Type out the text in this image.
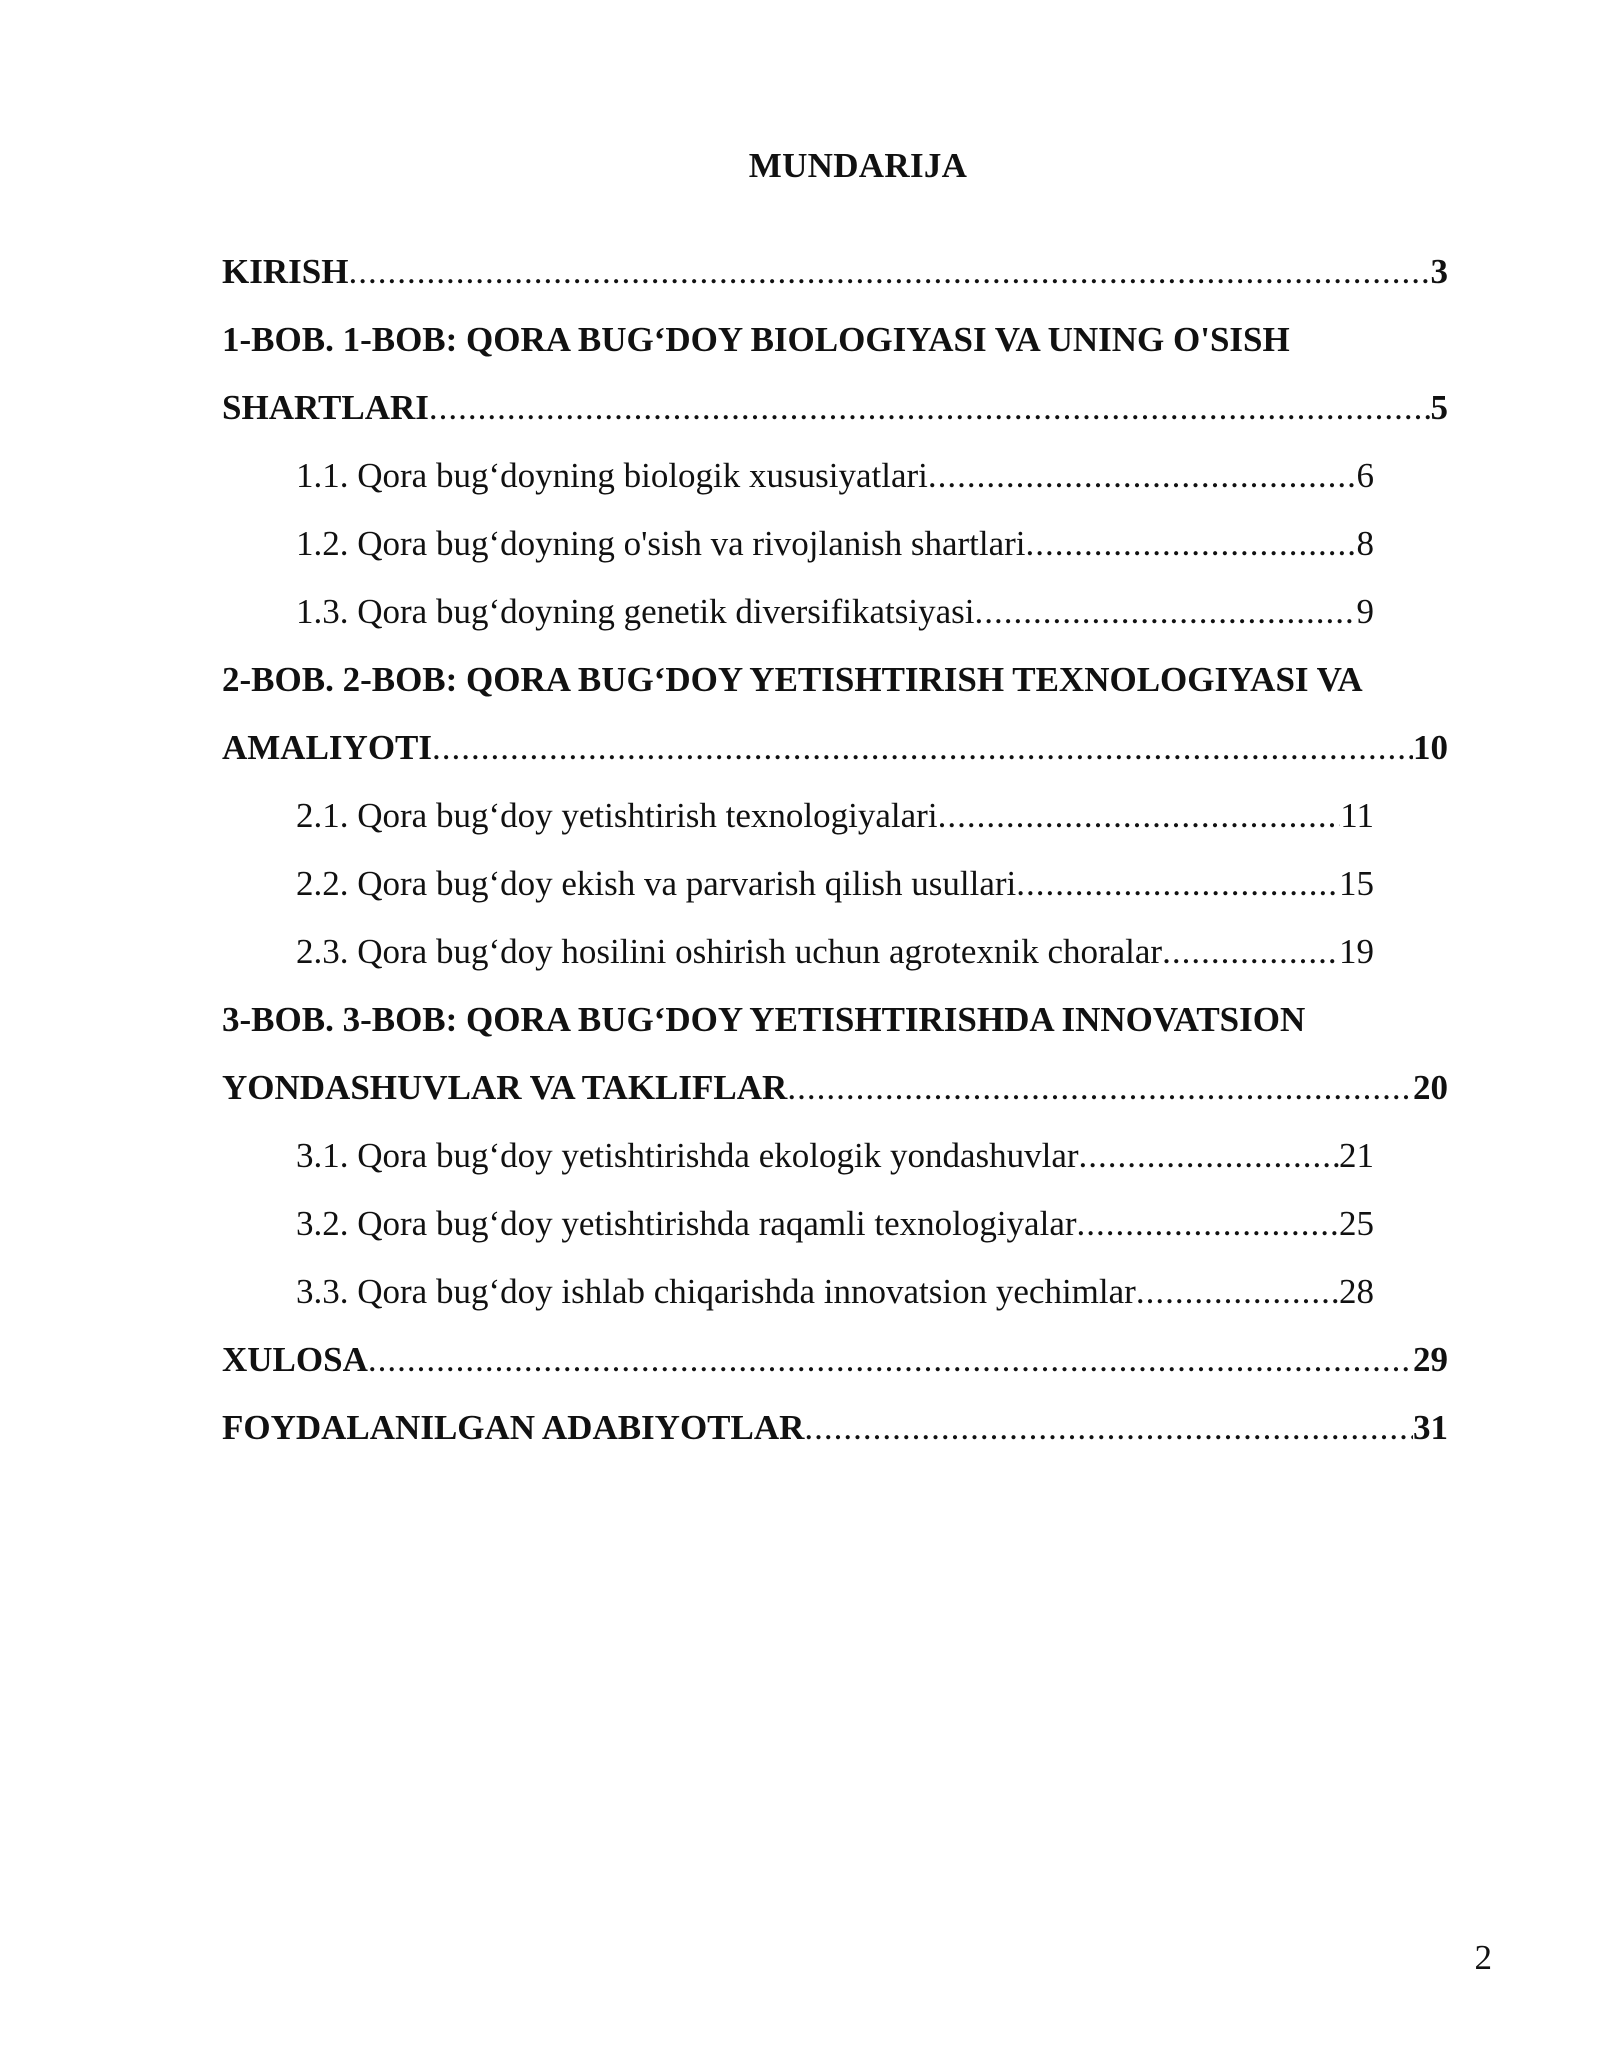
MUNDARIJA
KIRISH .....	3
1-BOB. 1-BOB: QORA BUG‘DOY BIOLOGIYASI VA UNING O'SISH
SHARTLARI .....	5
1.1. Qora bug‘doyning biologik xususiyatlari .....	6
1.2. Qora bug‘doyning o'sish va rivojlanish shartlari .....	8
1.3. Qora bug‘doyning genetik diversifikatsiyasi .....	9
2-BOB. 2-BOB: QORA BUG‘DOY YETISHTIRISH TEXNOLOGIYASI VA
AMALIYOTI .....	10
2.1. Qora bug‘doy yetishtirish texnologiyalari .....	11
2.2. Qora bug‘doy ekish va parvarish qilish usullari .....	15
2.3. Qora bug‘doy hosilini oshirish uchun agrotexnik choralar .....	19
3-BOB. 3-BOB: QORA BUG‘DOY YETISHTIRISHDA INNOVATSION
YONDASHUVLAR VA TAKLIFLAR .....	20
3.1. Qora bug‘doy yetishtirishda ekologik yondashuvlar .....	21
3.2. Qora bug‘doy yetishtirishda raqamli texnologiyalar .....	25
3.3. Qora bug‘doy ishlab chiqarishda innovatsion yechimlar .....	28
XULOSA .....	29
FOYDALANILGAN ADABIYOTLAR .....	31
2
